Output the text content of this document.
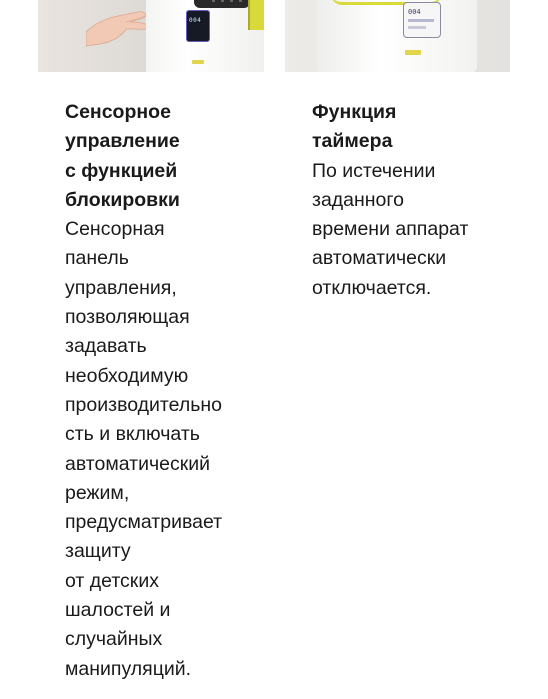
004
004

Сенсорное
управление
с функцией
блокировки

Сенсорная
панель
управления,
позволяющая
задавать
необходимую
производительно
сть и включать
автоматический
режим,
предусматривает
защиту
от детских
шалостей и
случайных
манипуляций.

Функция
таймера

По истечении
заданного
времени аппарат
автоматически
отключается.
